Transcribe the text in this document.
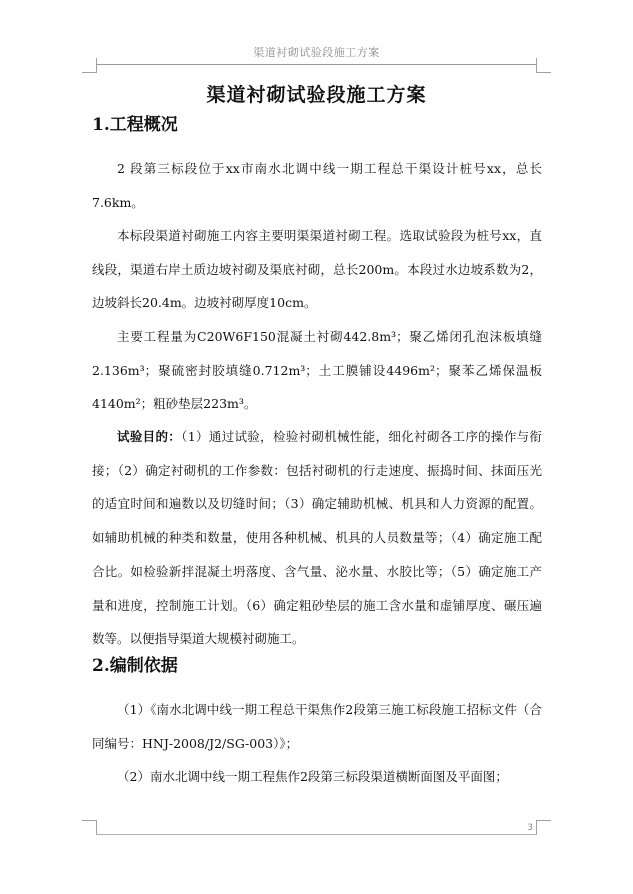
渠道衬砌试验段施工方案
渠道衬砌试验段施工方案
1.工程概况

2 段第三标段位于xx市南水北调中线一期工程总干渠设计桩号xx，总长7.6km。

本标段渠道衬砌施工内容主要明渠渠道衬砌工程。选取试验段为桩号xx，直线段，渠道右岸土质边坡衬砌及渠底衬砌，总长200m。本段过水边坡系数为2，边坡斜长20.4m。边坡衬砌厚度10cm。

主要工程量为C20W6F150混凝土衬砌442.8m³；聚乙烯闭孔泡沫板填缝2.136m³；聚硫密封胶填缝0.712m³；土工膜铺设4496m²；聚苯乙烯保温板4140m²；粗砂垫层223m³。

试验目的：（1）通过试验，检验衬砌机械性能，细化衬砌各工序的操作与衔接；（2）确定衬砌机的工作参数：包括衬砌机的行走速度、振捣时间、抹面压光的适宜时间和遍数以及切缝时间；（3）确定辅助机械、机具和人力资源的配置。如辅助机械的种类和数量，使用各种机械、机具的人员数量等；（4）确定施工配合比。如检验新拌混凝土坍落度、含气量、泌水量、水胶比等；（5）确定施工产量和进度，控制施工计划。（6）确定粗砂垫层的施工含水量和虚铺厚度、碾压遍数等。以便指导渠道大规模衬砌施工。

2.编制依据

（1）《南水北调中线一期工程总干渠焦作2段第三施工标段施工招标文件（合同编号：HNJ-2008/J2/SG-003）》；

（2）南水北调中线一期工程焦作2段第三标段渠道横断面图及平面图；

3
